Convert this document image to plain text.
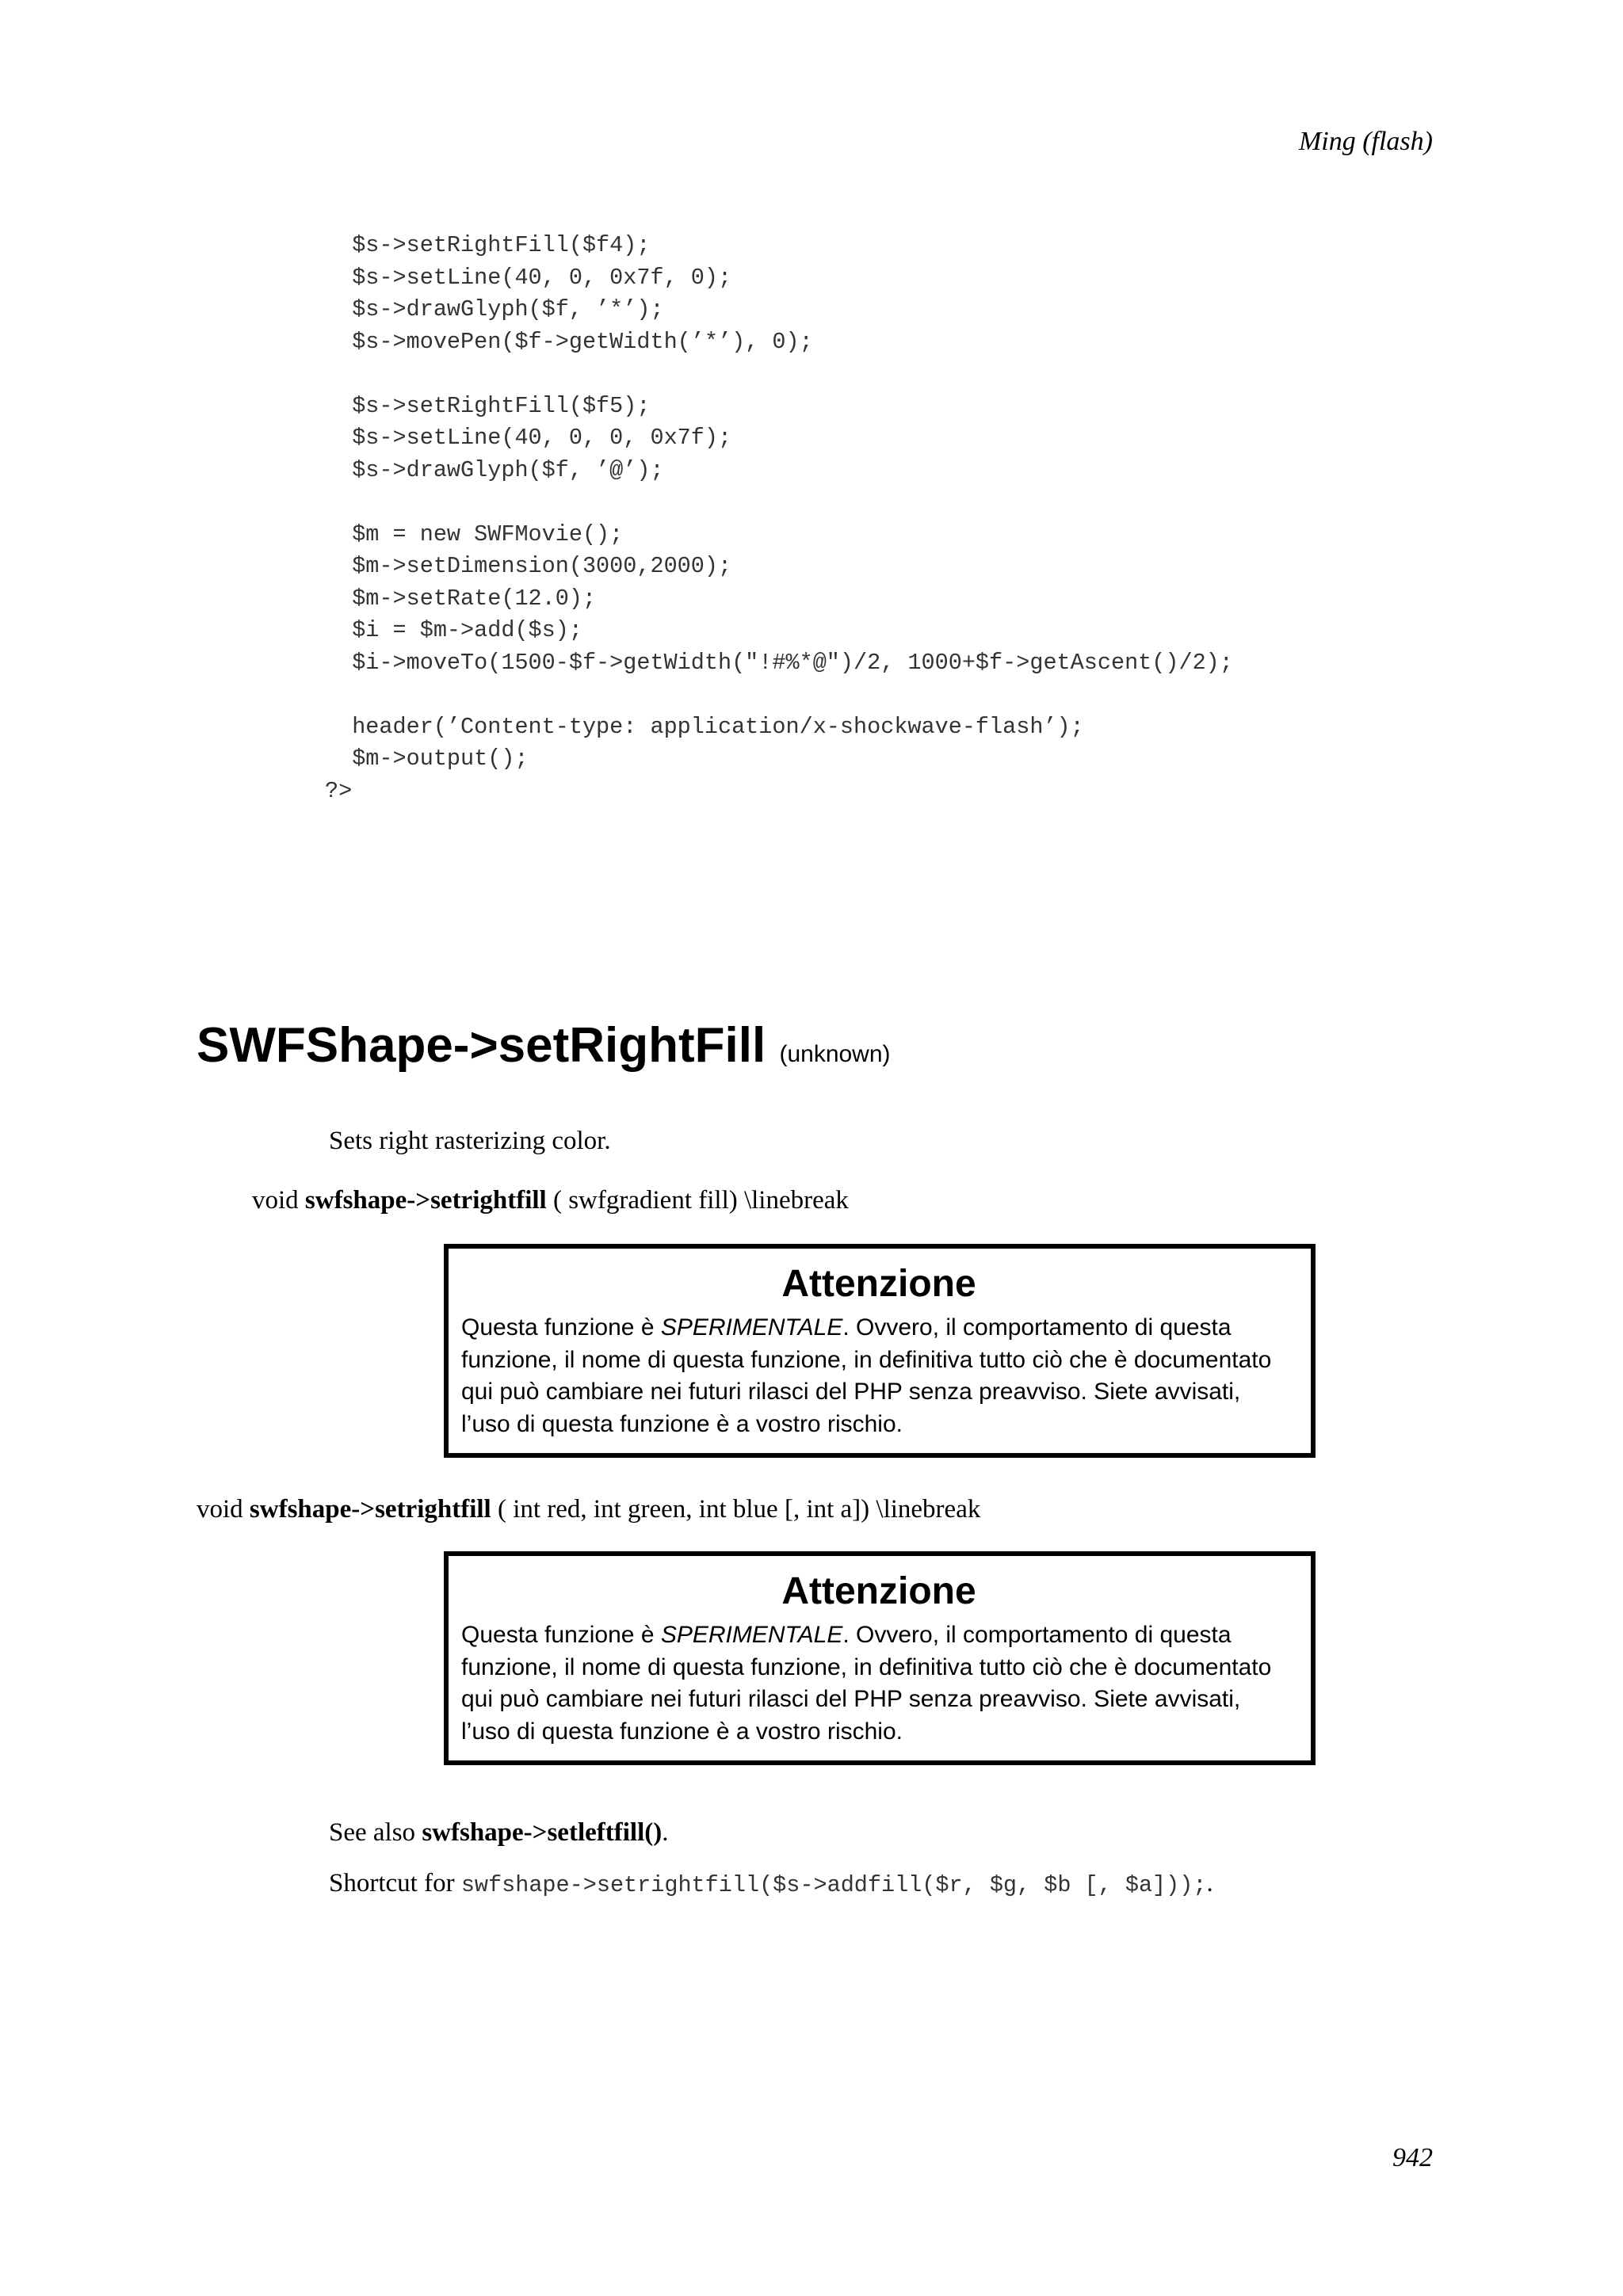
Ming (flash)
$s->setRightFill($f4);
$s->setLine(40, 0, 0x7f, 0);
$s->drawGlyph($f, ’*’);
$s->movePen($f->getWidth(’*’), 0);
$s->setRightFill($f5);
$s->setLine(40, 0, 0, 0x7f);
$s->drawGlyph($f, ’@’);
$m = new SWFMovie();
$m->setDimension(3000,2000);
$m->setRate(12.0);
$i = $m->add($s);
$i->moveTo(1500-$f->getWidth("!#%*@")/2, 1000+$f->getAscent()/2);
header(’Content-type: application/x-shockwave-flash’);
$m->output();
?>
SWFShape->setRightFill (unknown)

Sets right rasterizing color.

void swfshape->setrightfill ( swfgradient fill) \linebreak

Attenzione
Questa funzione è SPERIMENTALE. Ovvero, il comportamento di questa
funzione, il nome di questa funzione, in definitiva tutto ciò che è documentato
qui può cambiare nei futuri rilasci del PHP senza preavviso. Siete avvisati,
l’uso di questa funzione è a vostro rischio.

void swfshape->setrightfill ( int red, int green, int blue [, int a]) \linebreak

Attenzione
Questa funzione è SPERIMENTALE. Ovvero, il comportamento di questa
funzione, il nome di questa funzione, in definitiva tutto ciò che è documentato
qui può cambiare nei futuri rilasci del PHP senza preavviso. Siete avvisati,
l’uso di questa funzione è a vostro rischio.

See also swfshape->setleftfill().

Shortcut for swfshape->setrightfill($s->addfill($r, $g, $b [, $a]));.

942
